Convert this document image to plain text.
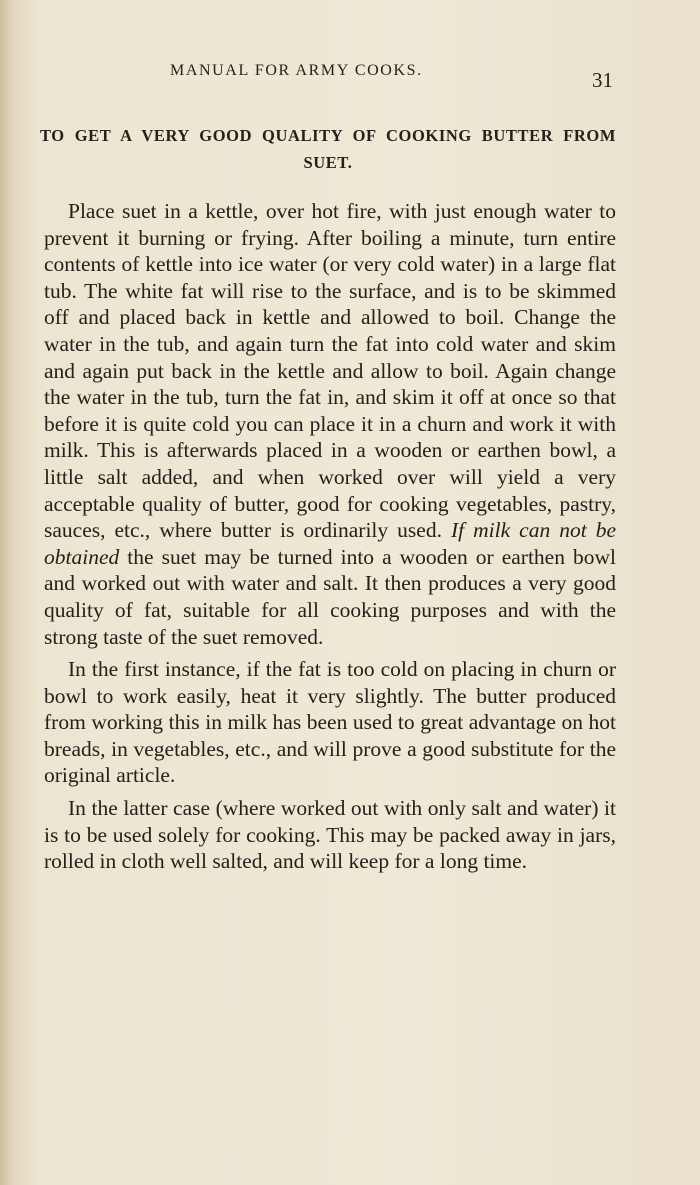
MANUAL FOR ARMY COOKS.	31
TO GET A VERY GOOD QUALITY OF COOKING BUTTER FROM SUET.

Place suet in a kettle, over hot fire, with just enough water to prevent it burning or frying. After boiling a minute, turn entire contents of kettle into ice water (or very cold water) in a large flat tub. The white fat will rise to the surface, and is to be skimmed off and placed back in kettle and allowed to boil. Change the water in the tub, and again turn the fat into cold water and skim and again put back in the kettle and allow to boil. Again change the water in the tub, turn the fat in, and skim it off at once so that before it is quite cold you can place it in a churn and work it with milk. This is afterwards placed in a wooden or earthen bowl, a little salt added, and when worked over will yield a very acceptable quality of butter, good for cooking vegetables, pastry, sauces, etc., where butter is ordinarily used. If milk can not be obtained the suet may be turned into a wooden or earthen bowl and worked out with water and salt. It then produces a very good quality of fat, suitable for all cooking purposes and with the strong taste of the suet removed.

In the first instance, if the fat is too cold on placing in churn or bowl to work easily, heat it very slightly. The butter produced from working this in milk has been used to great advantage on hot breads, in vegetables, etc., and will prove a good substitute for the original article.

In the latter case (where worked out with only salt and water) it is to be used solely for cooking. This may be packed away in jars, rolled in cloth well salted, and will keep for a long time.
